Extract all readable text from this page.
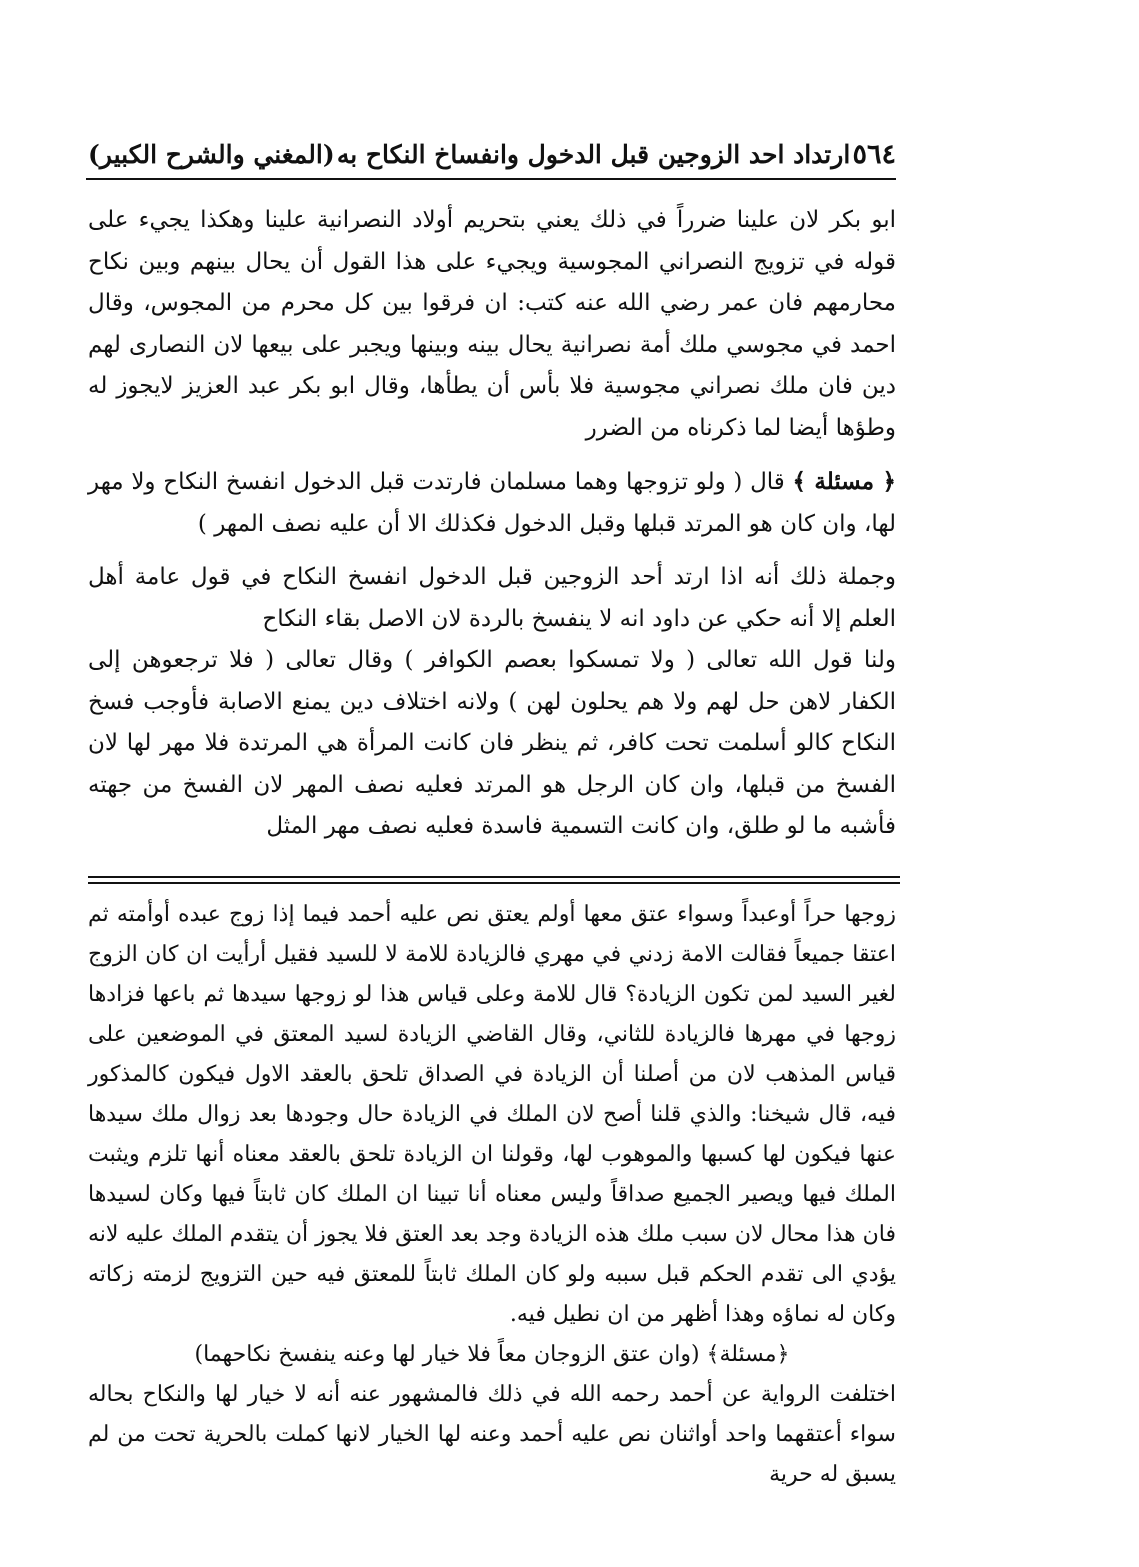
٥٦٤
ارتداد احد الزوجين قبل الدخول وانفساخ النكاح به
(المغني والشرح الكبير)

ابو بكر لان علينا ضرراً في ذلك يعني بتحريم أولاد النصرانية علينا وهكذا يجيء على قوله في تزويج النصراني المجوسية ويجيء على هذا القول أن يحال بينهم وبين نكاح محارمهم فان عمر رضي الله عنه كتب: ان فرقوا بين كل محرم من المجوس، وقال احمد في مجوسي ملك أمة نصرانية يحال بينه وبينها ويجبر على بيعها لان النصارى لهم دين فان ملك نصراني مجوسية فلا بأس أن يطأها، وقال ابو بكر عبد العزيز لايجوز له وطؤها أيضا لما ذكرناه من الضرر

﴿ مسئلة ﴾ قال ( ولو تزوجها وهما مسلمان فارتدت قبل الدخول انفسخ النكاح ولا مهر لها، وان كان هو المرتد قبلها وقبل الدخول فكذلك الا أن عليه نصف المهر )

وجملة ذلك أنه اذا ارتد أحد الزوجين قبل الدخول انفسخ النكاح في قول عامة أهل العلم إلا أنه حكي عن داود انه لا ينفسخ بالردة لان الاصل بقاء النكاح

ولنا قول الله تعالى ( ولا تمسكوا بعصم الكوافر ) وقال تعالى ( فلا ترجعوهن إلى الكفار لاهن حل لهم ولا هم يحلون لهن ) ولانه اختلاف دين يمنع الاصابة فأوجب فسخ النكاح كالو أسلمت تحت كافر، ثم ينظر فان كانت المرأة هي المرتدة فلا مهر لها لان الفسخ من قبلها، وان كان الرجل هو المرتد فعليه نصف المهر لان الفسخ من جهته فأشبه ما لو طلق، وان كانت التسمية فاسدة فعليه نصف مهر المثل

زوجها حراً أوعبداً وسواء عتق معها أولم يعتق نص عليه أحمد فيما إذا زوج عبده أوأمته ثم اعتقا جميعاً فقالت الامة زدني في مهري فالزيادة للامة لا للسيد فقيل أرأيت ان كان الزوج لغير السيد لمن تكون الزيادة؟ قال للامة وعلى قياس هذا لو زوجها سيدها ثم باعها فزادها زوجها في مهرها فالزيادة للثاني، وقال القاضي الزيادة لسيد المعتق في الموضعين على قياس المذهب لان من أصلنا أن الزيادة في الصداق تلحق بالعقد الاول فيكون كالمذكور فيه، قال شيخنا: والذي قلنا أصح لان الملك في الزيادة حال وجودها بعد زوال ملك سيدها عنها فيكون لها كسبها والموهوب لها، وقولنا ان الزيادة تلحق بالعقد معناه أنها تلزم ويثبت الملك فيها ويصير الجميع صداقاً وليس معناه أنا تبينا ان الملك كان ثابتاً فيها وكان لسيدها فان هذا محال لان سبب ملك هذه الزيادة وجد بعد العتق فلا يجوز أن يتقدم الملك عليه لانه يؤدي الى تقدم الحكم قبل سببه ولو كان الملك ثابتاً للمعتق فيه حين التزويج لزمته زكاته وكان له نماؤه وهذا أظهر من ان نطيل فيه.

﴿مسئلة﴾ (وان عتق الزوجان معاً فلا خيار لها وعنه ينفسخ نكاحهما)

اختلفت الرواية عن أحمد رحمه الله في ذلك فالمشهور عنه أنه لا خيار لها والنكاح بحاله سواء أعتقهما واحد أواثنان نص عليه أحمد وعنه لها الخيار لانها كملت بالحرية تحت من لم يسبق له حرية
